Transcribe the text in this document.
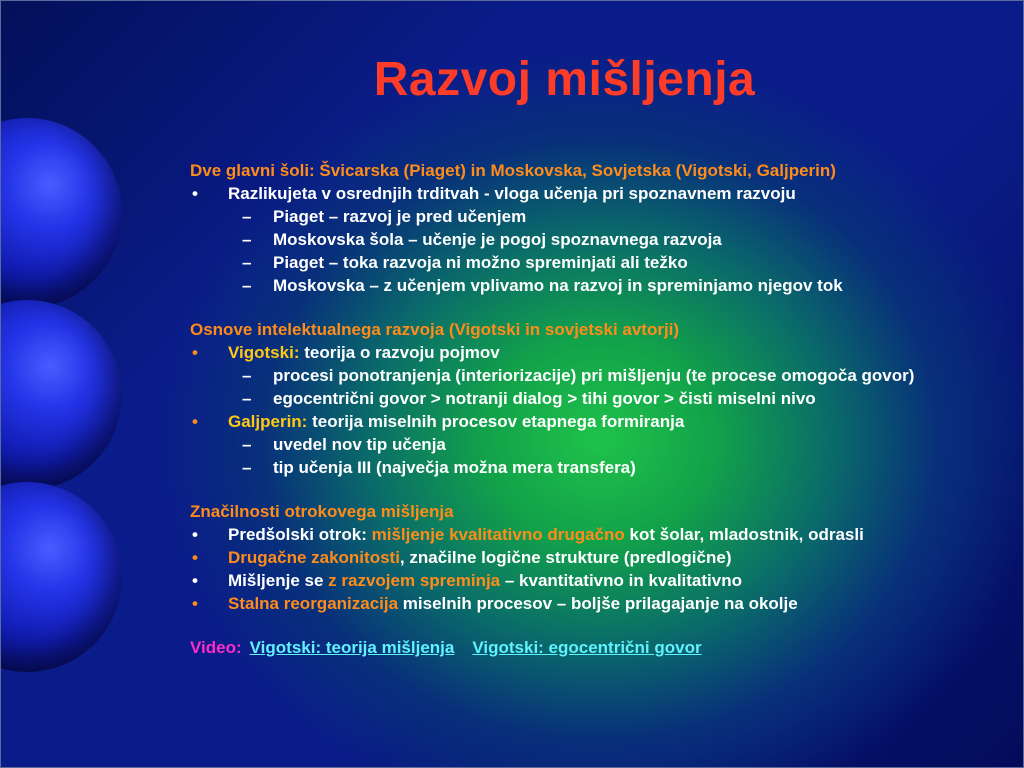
Razvoj mišljenja
Dve glavni šoli: Švicarska (Piaget) in Moskovska, Sovjetska (Vigotski, Galjperin)
• Razlikujeta v osrednjih trditvah - vloga učenja pri spoznavnem razvoju
– Piaget – razvoj je pred učenjem
– Moskovska šola – učenje je pogoj spoznavnega razvoja
– Piaget – toka razvoja ni možno spreminjati ali težko
– Moskovska – z učenjem vplivamo na razvoj in spreminjamo njegov tok
Osnove intelektualnega razvoja (Vigotski in sovjetski avtorji)
• Vigotski: teorija o razvoju pojmov
– procesi ponotranjenja (interiorizacije) pri mišljenju (te procese omogoča govor)
– egocentrični govor > notranji dialog > tihi govor > čisti miselni nivo
• Galjperin: teorija miselnih procesov etapnega formiranja
– uvedel nov tip učenja
– tip učenja III (največja možna mera transfera)
Značilnosti otrokovega mišljenja
• Predšolski otrok: mišljenje kvalitativno drugačno kot šolar, mladostnik, odrasli
• Drugačne zakonitosti, značilne logične strukture (predlogične)
• Mišljenje se z razvojem spreminja – kvantitativno in kvalitativno
• Stalna reorganizacija miselnih procesov – boljše prilagajanje na okolje
Video: Vigotski: teorija mišljenja Vigotski: egocentrični govor
